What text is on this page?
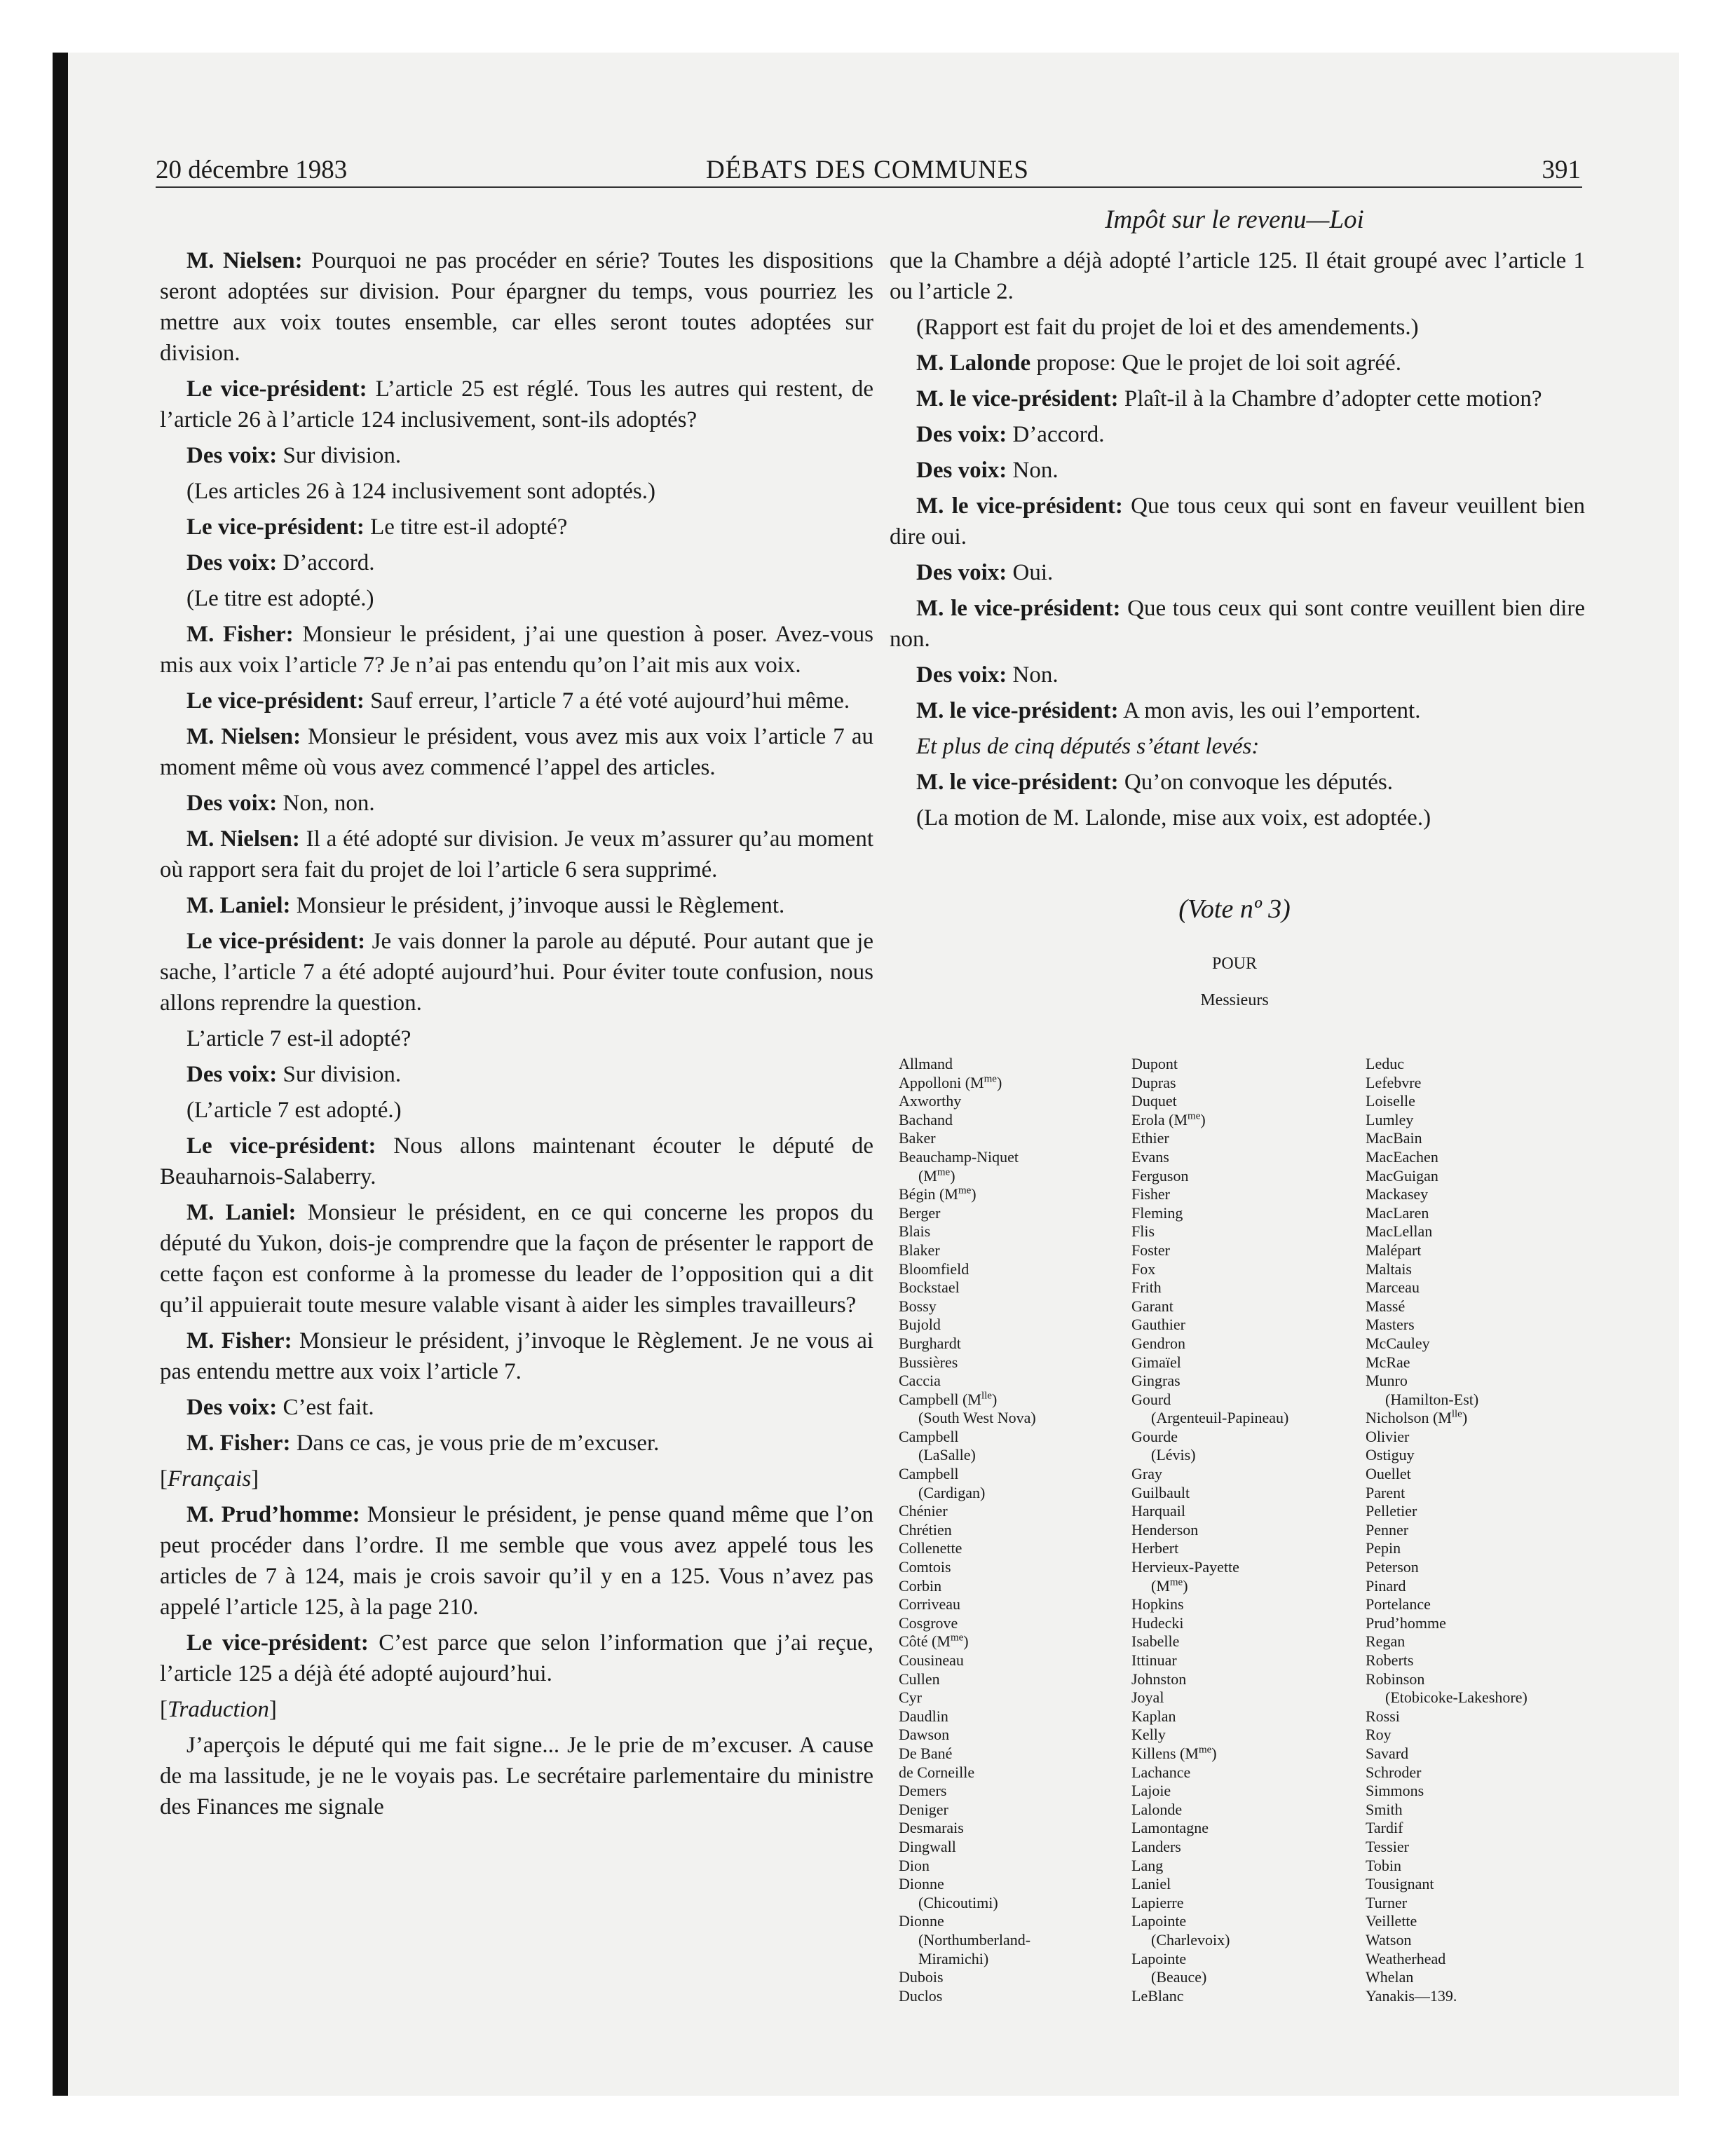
20 décembre 1983	DÉBATS DES COMMUNES	391
Impôt sur le revenu—Loi

M. Nielsen: Pourquoi ne pas procéder en série? Toutes les dispositions seront adoptées sur division. Pour épargner du temps, vous pourriez les mettre aux voix toutes ensemble, car elles seront toutes adoptées sur division.

Le vice-président: L’article 25 est réglé. Tous les autres qui restent, de l’article 26 à l’article 124 inclusivement, sont-ils adoptés?

Des voix: Sur division.

(Les articles 26 à 124 inclusivement sont adoptés.)

Le vice-président: Le titre est-il adopté?

Des voix: D’accord.

(Le titre est adopté.)

M. Fisher: Monsieur le président, j’ai une question à poser. Avez-vous mis aux voix l’article 7? Je n’ai pas entendu qu’on l’ait mis aux voix.

Le vice-président: Sauf erreur, l’article 7 a été voté aujourd’hui même.

M. Nielsen: Monsieur le président, vous avez mis aux voix l’article 7 au moment même où vous avez commencé l’appel des articles.

Des voix: Non, non.

M. Nielsen: Il a été adopté sur division. Je veux m’assurer qu’au moment où rapport sera fait du projet de loi l’article 6 sera supprimé.

M. Laniel: Monsieur le président, j’invoque aussi le Règlement.

Le vice-président: Je vais donner la parole au député. Pour autant que je sache, l’article 7 a été adopté aujourd’hui. Pour éviter toute confusion, nous allons reprendre la question.

L’article 7 est-il adopté?

Des voix: Sur division.

(L’article 7 est adopté.)

Le vice-président: Nous allons maintenant écouter le député de Beauharnois-Salaberry.

M. Laniel: Monsieur le président, en ce qui concerne les propos du député du Yukon, dois-je comprendre que la façon de présenter le rapport de cette façon est conforme à la promesse du leader de l’opposition qui a dit qu’il appuierait toute mesure valable visant à aider les simples travailleurs?

M. Fisher: Monsieur le président, j’invoque le Règlement. Je ne vous ai pas entendu mettre aux voix l’article 7.

Des voix: C’est fait.

M. Fisher: Dans ce cas, je vous prie de m’excuser.

[Français]

M. Prud’homme: Monsieur le président, je pense quand même que l’on peut procéder dans l’ordre. Il me semble que vous avez appelé tous les articles de 7 à 124, mais je crois savoir qu’il y en a 125. Vous n’avez pas appelé l’article 125, à la page 210.

Le vice-président: C’est parce que selon l’information que j’ai reçue, l’article 125 a déjà été adopté aujourd’hui.

[Traduction]

J’aperçois le député qui me fait signe... Je le prie de m’excuser. A cause de ma lassitude, je ne le voyais pas. Le secrétaire parlementaire du ministre des Finances me signale

que la Chambre a déjà adopté l’article 125. Il était groupé avec l’article 1 ou l’article 2.

(Rapport est fait du projet de loi et des amendements.)

M. Lalonde propose: Que le projet de loi soit agréé.

M. le vice-président: Plaît-il à la Chambre d’adopter cette motion?

Des voix: D’accord.

Des voix: Non.

M. le vice-président: Que tous ceux qui sont en faveur veuillent bien dire oui.

Des voix: Oui.

M. le vice-président: Que tous ceux qui sont contre veuillent bien dire non.

Des voix: Non.

M. le vice-président: A mon avis, les oui l’emportent.

Et plus de cinq députés s’étant levés:

M. le vice-président: Qu’on convoque les députés.

(La motion de M. Lalonde, mise aux voix, est adoptée.)

(Vote nº 3)
POUR
Messieurs
Allmand
Appolloni $(M^{me})$
Axworthy
Bachand
Baker
Beauchamp-Niquet
$(M^{me})$
Bégin $(M^{me})$
Berger
Blais
Blaker
Bloomfield
Bockstael
Bossy
Bujold
Burghardt
Bussières
Caccia
Campbell $(M^{lle})$
(South West Nova)
Campbell
(LaSalle)
Campbell
(Cardigan)
Chénier
Chrétien
Collenette
Comtois
Corbin
Corriveau
Cosgrove
Côté $(M^{me})$
Cousineau
Cullen
Cyr
Daudlin
Dawson
De Bané
de Corneille
Demers
Deniger
Desmarais
Dingwall
Dion
Dionne
(Chicoutimi)
Dionne
(Northumberland-
Miramichi)
Dubois
Duclos
Dupont
Dupras
Duquet
Erola $(M^{me})$
Ethier
Evans
Ferguson
Fisher
Fleming
Flis
Foster
Fox
Frith
Garant
Gauthier
Gendron
Gimaïel
Gingras
Gourd
(Argenteuil-Papineau)
Gourde
(Lévis)
Gray
Guilbault
Harquail
Henderson
Herbert
Hervieux-Payette
$(M^{me})$
Hopkins
Hudecki
Isabelle
Ittinuar
Johnston
Joyal
Kaplan
Kelly
Killens $(M^{me})$
Lachance
Lajoie
Lalonde
Lamontagne
Landers
Lang
Laniel
Lapierre
Lapointe
(Charlevoix)
Lapointe
(Beauce)
LeBlanc
Leduc
Lefebvre
Loiselle
Lumley
MacBain
MacEachen
MacGuigan
Mackasey
MacLaren
MacLellan
Malépart
Maltais
Marceau
Massé
Masters
McCauley
McRae
Munro
(Hamilton-Est)
Nicholson $(M^{lle})$
Olivier
Ostiguy
Ouellet
Parent
Pelletier
Penner
Pepin
Peterson
Pinard
Portelance
Prud’homme
Regan
Roberts
Robinson
(Etobicoke-Lakeshore)
Rossi
Roy
Savard
Schroder
Simmons
Smith
Tardif
Tessier
Tobin
Tousignant
Turner
Veillette
Watson
Weatherhead
Whelan
Yanakis—139.
